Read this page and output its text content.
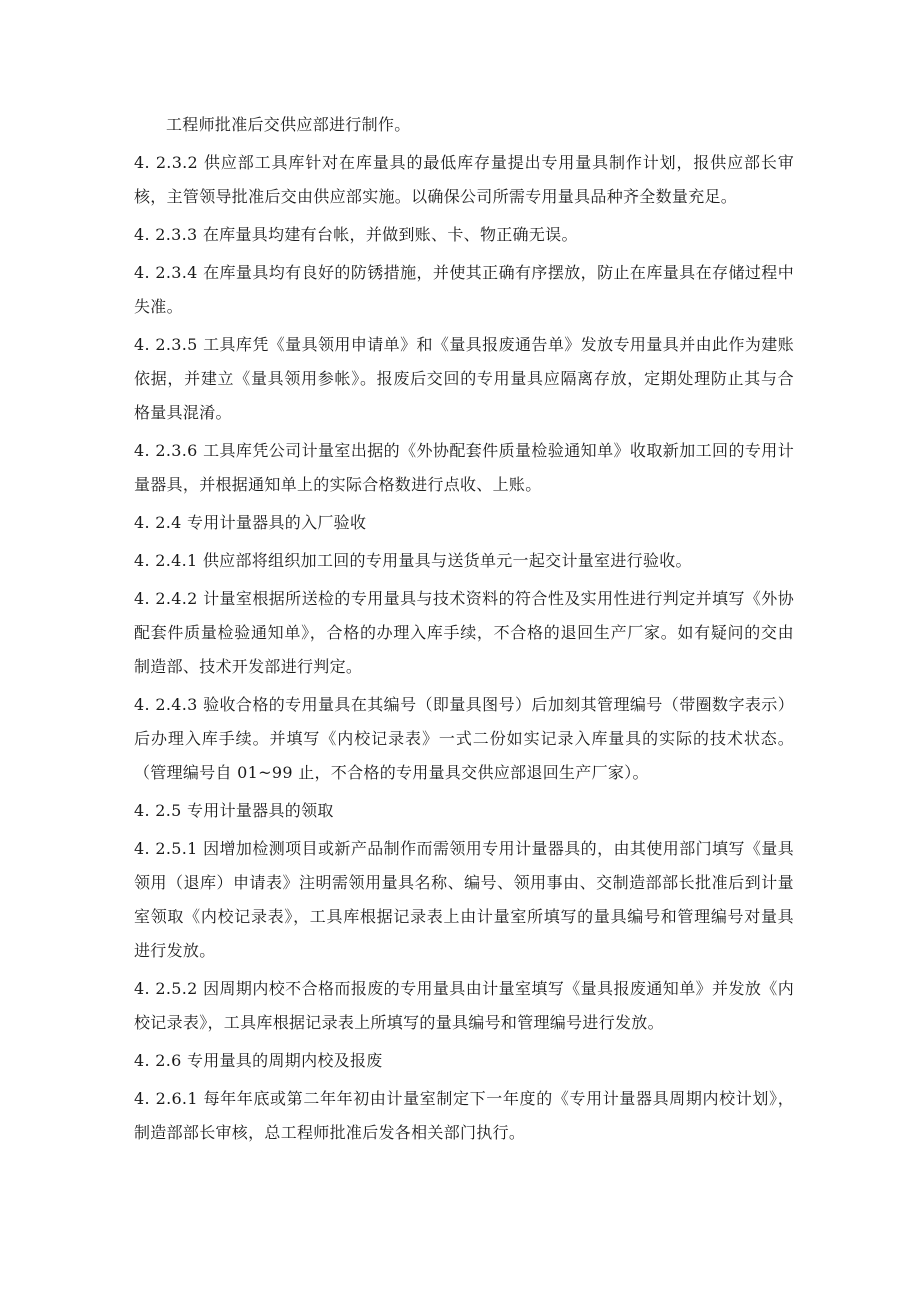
工程师批准后交供应部进行制作。

4. 2.3.2 供应部工具库针对在库量具的最低库存量提出专用量具制作计划，报供应部长审核，主管领导批准后交由供应部实施。以确保公司所需专用量具品种齐全数量充足。

4. 2.3.3 在库量具均建有台帐，并做到账、卡、物正确无误。

4. 2.3.4 在库量具均有良好的防锈措施，并使其正确有序摆放，防止在库量具在存储过程中失准。

4. 2.3.5 工具库凭《量具领用申请单》和《量具报废通告单》发放专用量具并由此作为建账依据，并建立《量具领用参帐》。报废后交回的专用量具应隔离存放，定期处理防止其与合格量具混淆。

4. 2.3.6 工具库凭公司计量室出据的《外协配套件质量检验通知单》收取新加工回的专用计量器具，并根据通知单上的实际合格数进行点收、上账。

4. 2.4 专用计量器具的入厂验收

4. 2.4.1 供应部将组织加工回的专用量具与送货单元一起交计量室进行验收。

4. 2.4.2 计量室根据所送检的专用量具与技术资料的符合性及实用性进行判定并填写《外协配套件质量检验通知单》，合格的办理入库手续，不合格的退回生产厂家。如有疑问的交由制造部、技术开发部进行判定。

4. 2.4.3 验收合格的专用量具在其编号（即量具图号）后加刻其管理编号（带圈数字表示）后办理入库手续。并填写《内校记录表》一式二份如实记录入库量具的实际的技术状态。（管理编号自 01~99 止，不合格的专用量具交供应部退回生产厂家）。

4. 2.5 专用计量器具的领取

4. 2.5.1 因增加检测项目或新产品制作而需领用专用计量器具的，由其使用部门填写《量具领用（退库）申请表》注明需领用量具名称、编号、领用事由、交制造部部长批准后到计量室领取《内校记录表》，工具库根据记录表上由计量室所填写的量具编号和管理编号对量具进行发放。

4. 2.5.2 因周期内校不合格而报废的专用量具由计量室填写《量具报废通知单》并发放《内校记录表》，工具库根据记录表上所填写的量具编号和管理编号进行发放。

4. 2.6 专用量具的周期内校及报废

4. 2.6.1 每年年底或第二年年初由计量室制定下一年度的《专用计量器具周期内校计划》，制造部部长审核，总工程师批准后发各相关部门执行。
